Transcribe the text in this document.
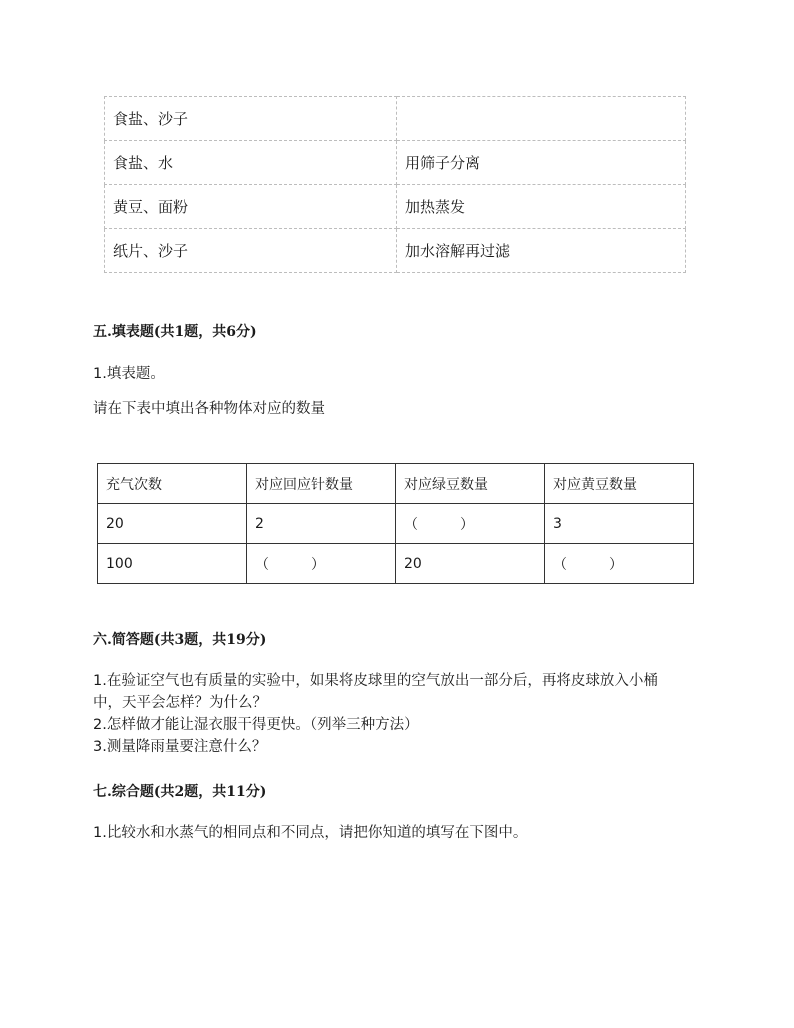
食盐、沙子	
食盐、水	用筛子分离
黄豆、面粉	加热蒸发
纸片、沙子	加水溶解再过滤
五.填表题(共1题，共6分)
1.填表题。
请在下表中填出各种物体对应的数量
充气次数	对应回应针数量	对应绿豆数量	对应黄豆数量
20	2	（　　　）	3
100	（　　　）	20	（　　　）
六.简答题(共3题，共19分)
1.在验证空气也有质量的实验中，如果将皮球里的空气放出一部分后，再将皮球放入小桶
中，天平会怎样？为什么？
2.怎样做才能让湿衣服干得更快。（列举三种方法）
3.测量降雨量要注意什么？
七.综合题(共2题，共11分)
1.比较水和水蒸气的相同点和不同点，请把你知道的填写在下图中。
